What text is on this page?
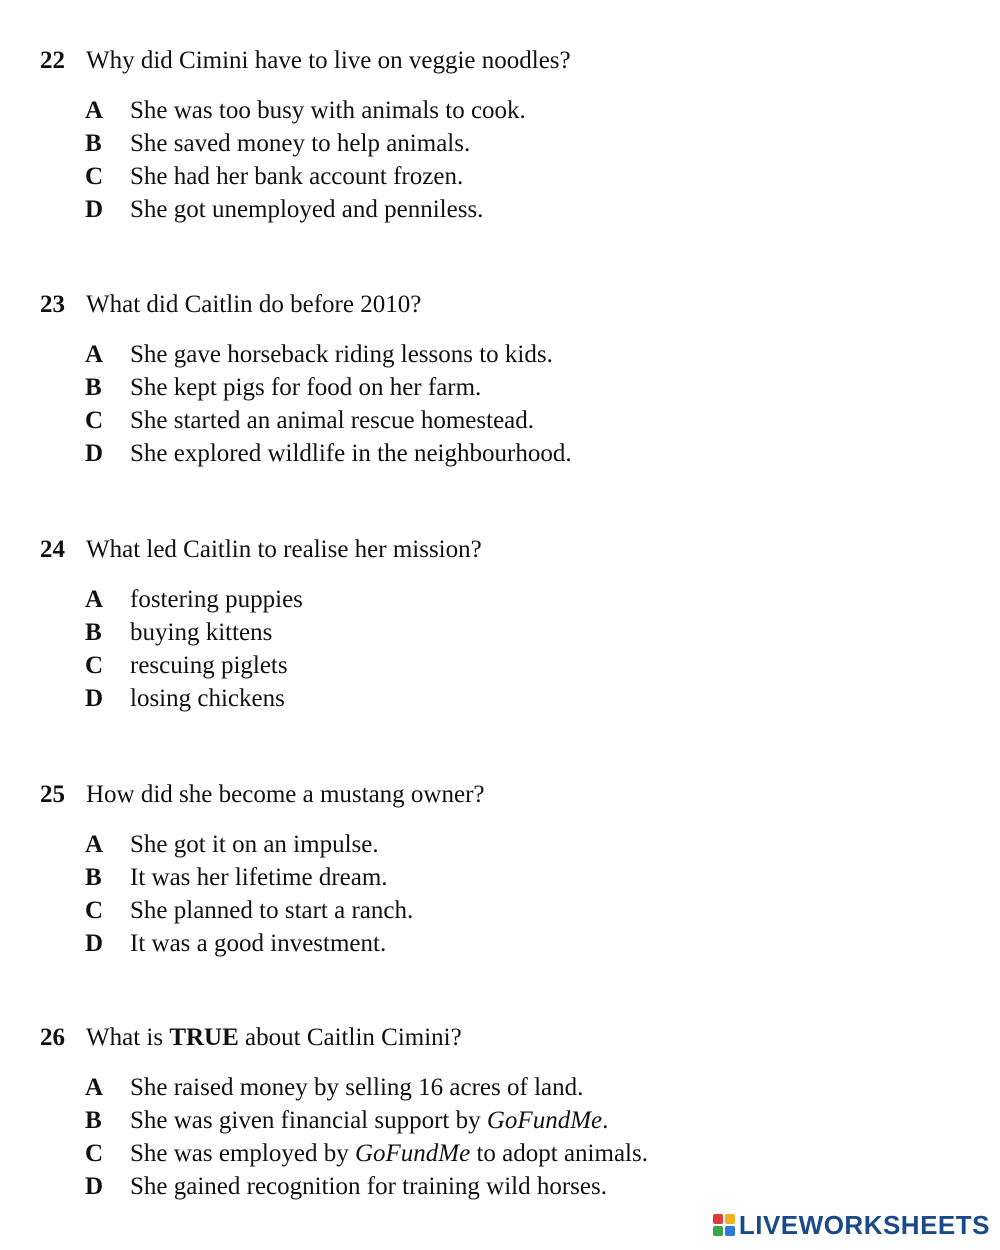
22 Why did Cimini have to live on veggie noodles?
A She was too busy with animals to cook.
B She saved money to help animals.
C She had her bank account frozen.
D She got unemployed and penniless.
23 What did Caitlin do before 2010?
A She gave horseback riding lessons to kids.
B She kept pigs for food on her farm.
C She started an animal rescue homestead.
D She explored wildlife in the neighbourhood.
24 What led Caitlin to realise her mission?
A fostering puppies
B buying kittens
C rescuing piglets
D losing chickens
25 How did she become a mustang owner?
A She got it on an impulse.
B It was her lifetime dream.
C She planned to start a ranch.
D It was a good investment.
26 What is TRUE about Caitlin Cimini?
A She raised money by selling 16 acres of land.
B She was given financial support by GoFundMe.
C She was employed by GoFundMe to adopt animals.
D She gained recognition for training wild horses.
LIVEWORKSHEETS
